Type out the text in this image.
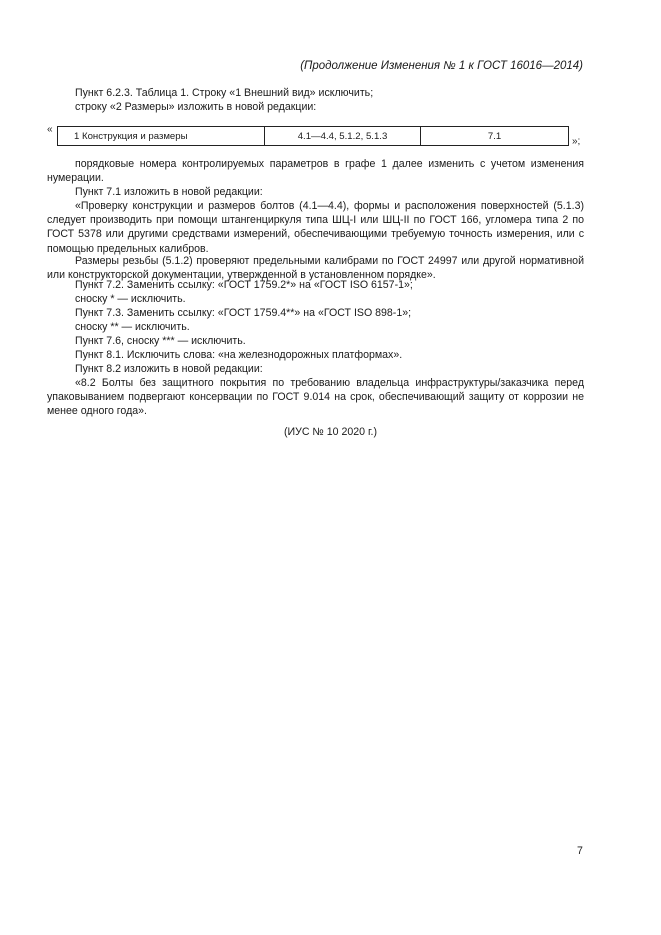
(Продолжение Изменения № 1 к ГОСТ 16016—2014)
Пункт 6.2.3. Таблица 1. Строку «1 Внешний вид» исключить;
строку «2 Размеры» изложить в новой редакции:
«
1 Конструкция и размеры	4.1—4.4, 5.1.2, 5.1.3	7.1	»;
порядковые номера контролируемых параметров в графе 1 далее изменить с учетом изменения нумерации.
Пункт 7.1 изложить в новой редакции:
«Проверку конструкции и размеров болтов (4.1—4.4), формы и расположения поверхностей (5.1.3) следует производить при помощи штангенциркуля типа ШЦ-I или ШЦ-II по ГОСТ 166, угломера типа 2 по ГОСТ 5378 или другими средствами измерений, обеспечивающими требуемую точность измерения, или с помощью предельных калибров.
Размеры резьбы (5.1.2) проверяют предельными калибрами по ГОСТ 24997 или другой нормативной или конструкторской документации, утвержденной в установленном порядке».
Пункт 7.2. Заменить ссылку: «ГОСТ 1759.2*» на «ГОСТ ISO 6157-1»;
сноску * — исключить.
Пункт 7.3. Заменить ссылку: «ГОСТ 1759.4**» на «ГОСТ ISO 898-1»;
сноску ** — исключить.
Пункт 7.6, сноску *** — исключить.
Пункт 8.1. Исключить слова: «на железнодорожных платформах».
Пункт 8.2 изложить в новой редакции:
«8.2 Болты без защитного покрытия по требованию владельца инфраструктуры/заказчика перед упаковыванием подвергают консервации по ГОСТ 9.014 на срок, обеспечивающий защиту от коррозии не менее одного года».
(ИУС № 10 2020 г.)
7
